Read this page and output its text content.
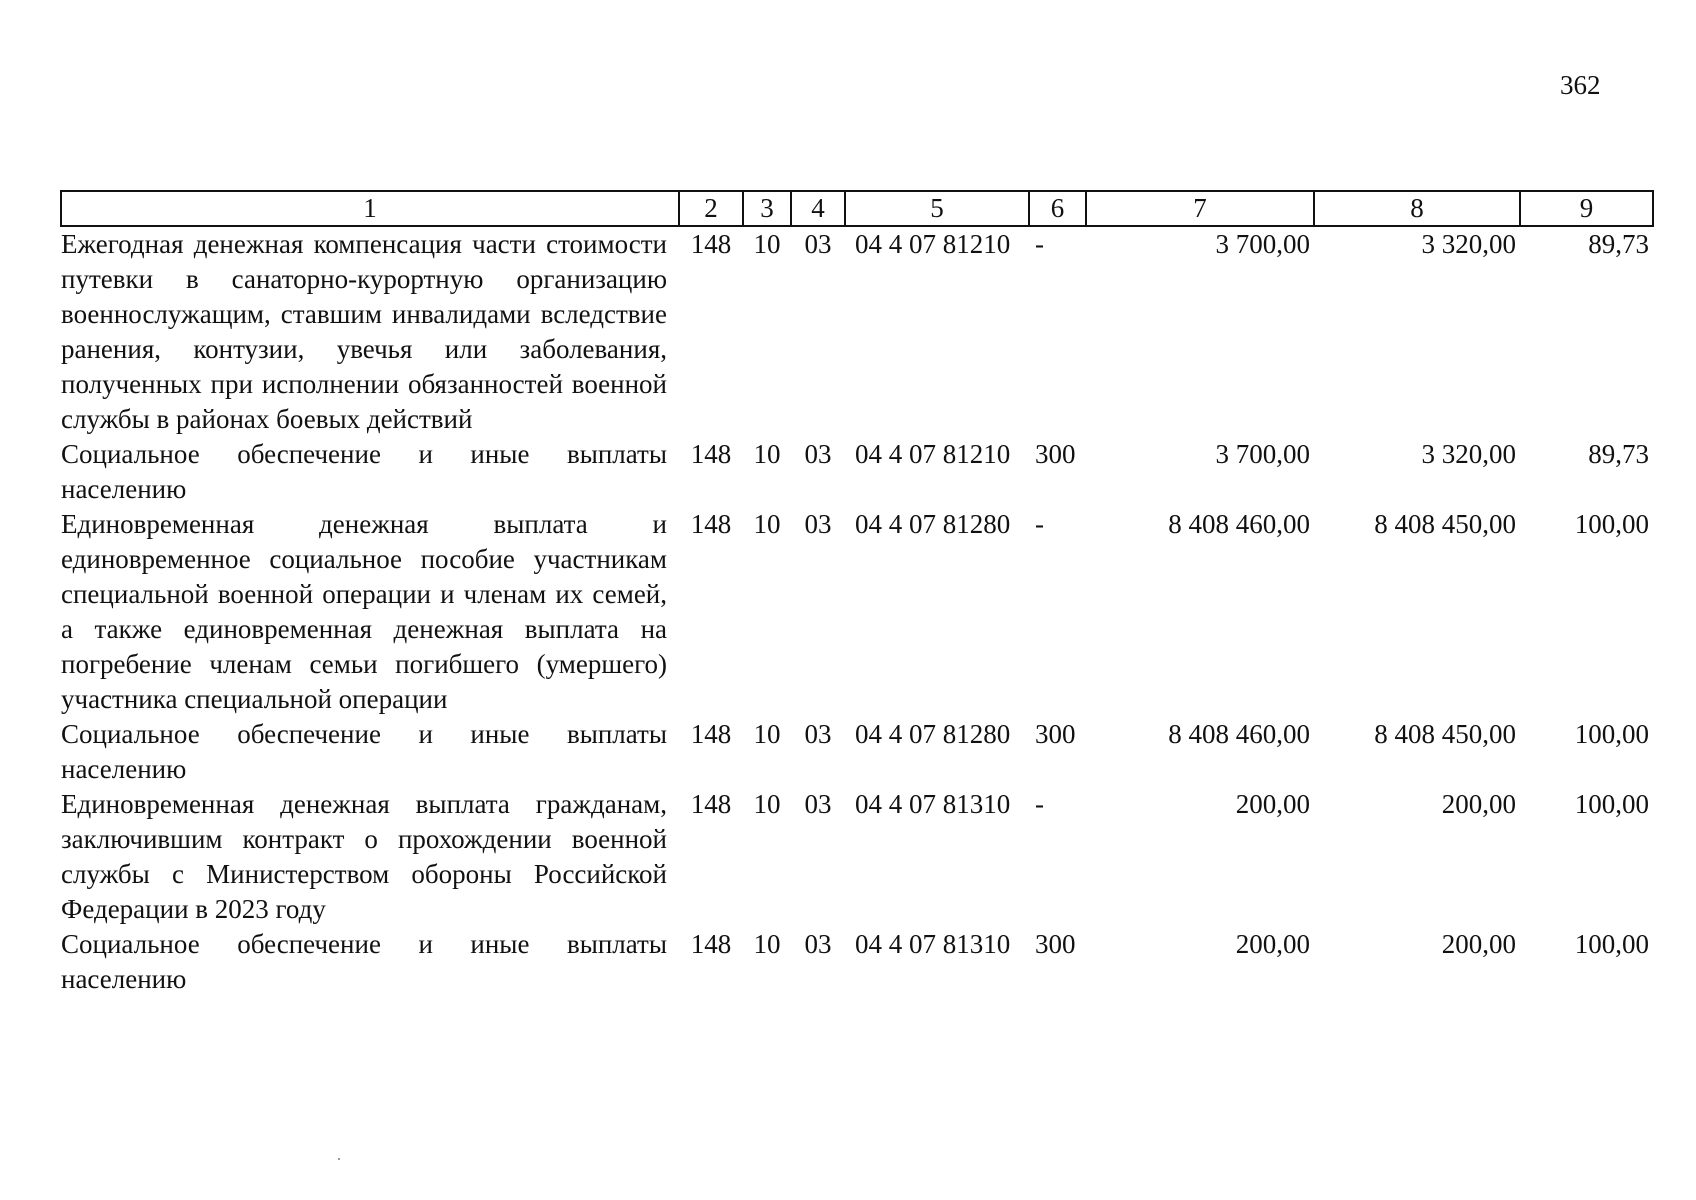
362
1	2	3	4	5	6	7	8	9
Ежегодная денежная компенсация части стоимости путевки в санаторно-курортную организацию военнослужащим, ставшим инвалидами вследствие ранения, контузии, увечья или заболевания, полученных при исполнении обязанностей военной службы в районах боевых действий	148	10	03	04 4 07 81210	-	3 700,00	3 320,00	89,73
Социальное обеспечение и иные выплаты населению	148	10	03	04 4 07 81210	300	3 700,00	3 320,00	89,73
Единовременная денежная выплата и единовременное социальное пособие участникам специальной военной операции и членам их семей, а также единовременная денежная выплата на погребение членам семьи погибшего (умершего) участника специальной операции	148	10	03	04 4 07 81280	-	8 408 460,00	8 408 450,00	100,00
Социальное обеспечение и иные выплаты населению	148	10	03	04 4 07 81280	300	8 408 460,00	8 408 450,00	100,00
Единовременная денежная выплата гражданам, заключившим контракт о прохождении военной службы с Министерством обороны Российской Федерации в 2023 году	148	10	03	04 4 07 81310	-	200,00	200,00	100,00
Социальное обеспечение и иные выплаты населению	148	10	03	04 4 07 81310	300	200,00	200,00	100,00
